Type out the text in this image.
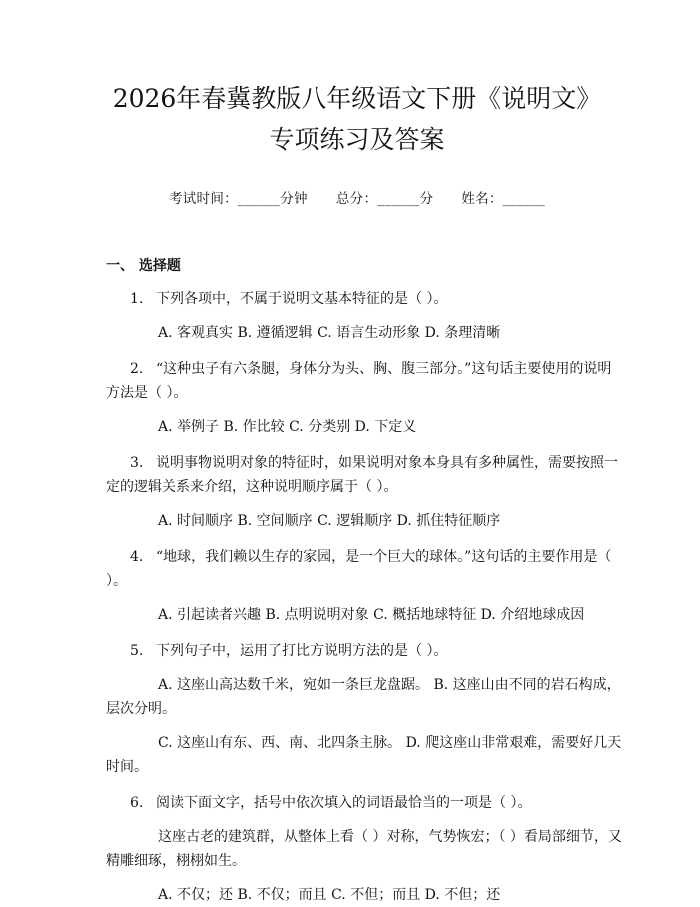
2026年春冀教版八年级语文下册《说明文》
专项练习及答案
考试时间：______分钟 总分：______分 姓名：______
一、 选择题
1. 下列各项中，不属于说明文基本特征的是（ ）。
A. 客观真实 B. 遵循逻辑 C. 语言生动形象 D. 条理清晰
2. “这种虫子有六条腿，身体分为头、胸、腹三部分。”这句话主要使用的说明方法是（ ）。
A. 举例子 B. 作比较 C. 分类别 D. 下定义
3. 说明事物说明对象的特征时，如果说明对象本身具有多种属性，需要按照一定的逻辑关系来介绍，这种说明顺序属于（ ）。
A. 时间顺序 B. 空间顺序 C. 逻辑顺序 D. 抓住特征顺序
4. “地球，我们赖以生存的家园，是一个巨大的球体。”这句话的主要作用是（ ）。
A. 引起读者兴趣 B. 点明说明对象 C. 概括地球特征 D. 介绍地球成因
5. 下列句子中，运用了打比方说明方法的是（ ）。
A. 这座山高达数千米，宛如一条巨龙盘踞。 B. 这座山由不同的岩石构成，层次分明。
C. 这座山有东、西、南、北四条主脉。 D. 爬这座山非常艰难，需要好几天时间。
6. 阅读下面文字，括号中依次填入的词语最恰当的一项是（ ）。
这座古老的建筑群，从整体上看（ ）对称，气势恢宏；（ ）看局部细节，又精雕细琢，栩栩如生。
A. 不仅；还 B. 不仅；而且 C. 不但；而且 D. 不但；还
